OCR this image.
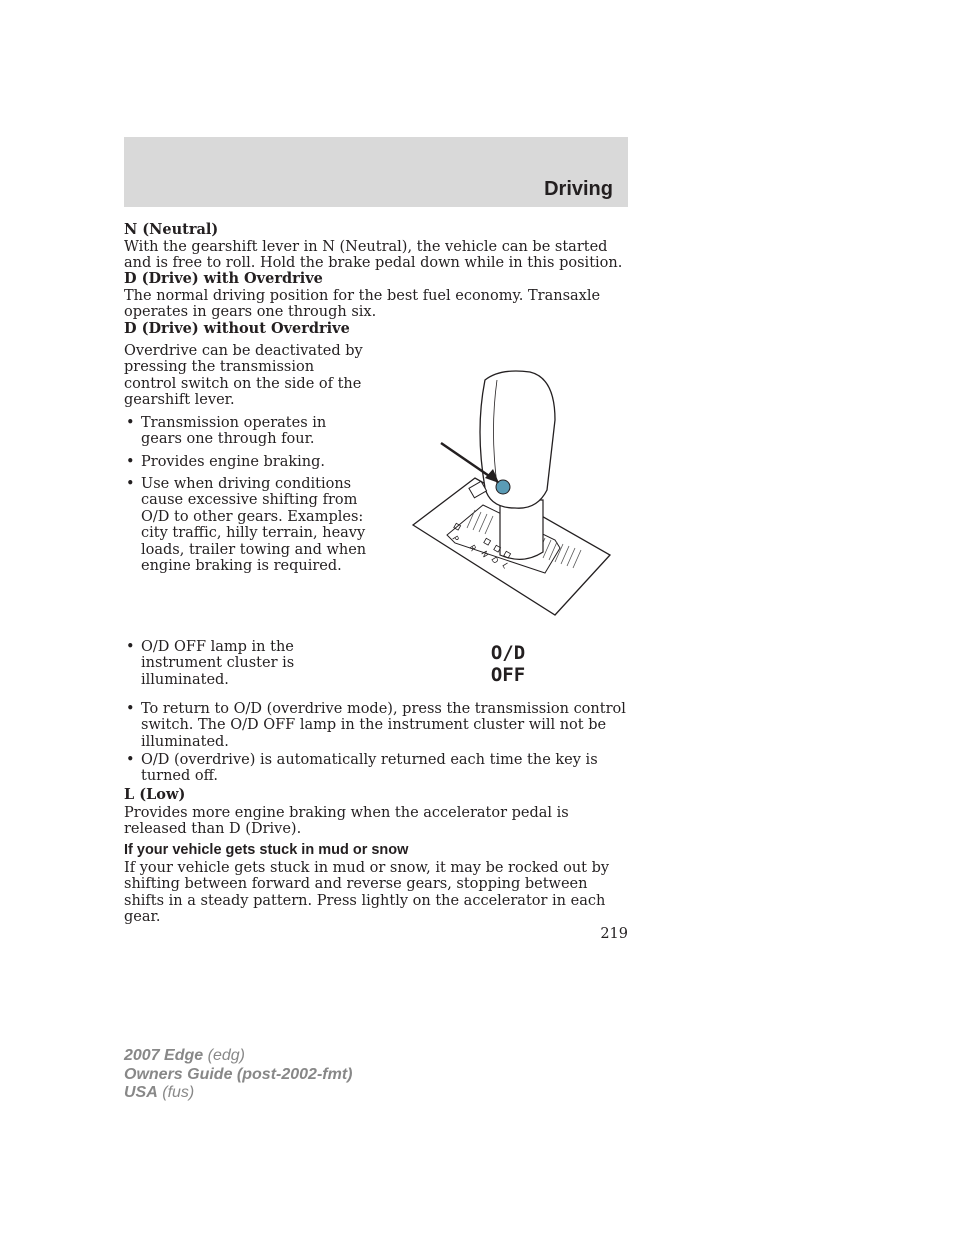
Driving
N (Neutral)
With the gearshift lever in N (Neutral), the vehicle can be started and is free to roll. Hold the brake pedal down while in this position.
D (Drive) with Overdrive
The normal driving position for the best fuel economy. Transaxle operates in gears one through six.
D (Drive) without Overdrive
Overdrive can be deactivated by pressing the transmission control switch on the side of the gearshift lever.
• Transmission operates in gears one through four.
• Provides engine braking.
• Use when driving conditions cause excessive shifting from O/D to other gears. Examples: city traffic, hilly terrain, heavy loads, trailer towing and when engine braking is required.
P
R
N
D
L
• O/D OFF lamp in the instrument cluster is illuminated.
O/D
OFF
• To return to O/D (overdrive mode), press the transmission control switch. The O/D OFF lamp in the instrument cluster will not be illuminated.
• O/D (overdrive) is automatically returned each time the key is turned off.
L (Low)
Provides more engine braking when the accelerator pedal is released than D (Drive).
If your vehicle gets stuck in mud or snow
If your vehicle gets stuck in mud or snow, it may be rocked out by shifting between forward and reverse gears, stopping between shifts in a steady pattern. Press lightly on the accelerator in each gear.
219
2007 Edge (edg)
Owners Guide (post-2002-fmt)
USA (fus)
